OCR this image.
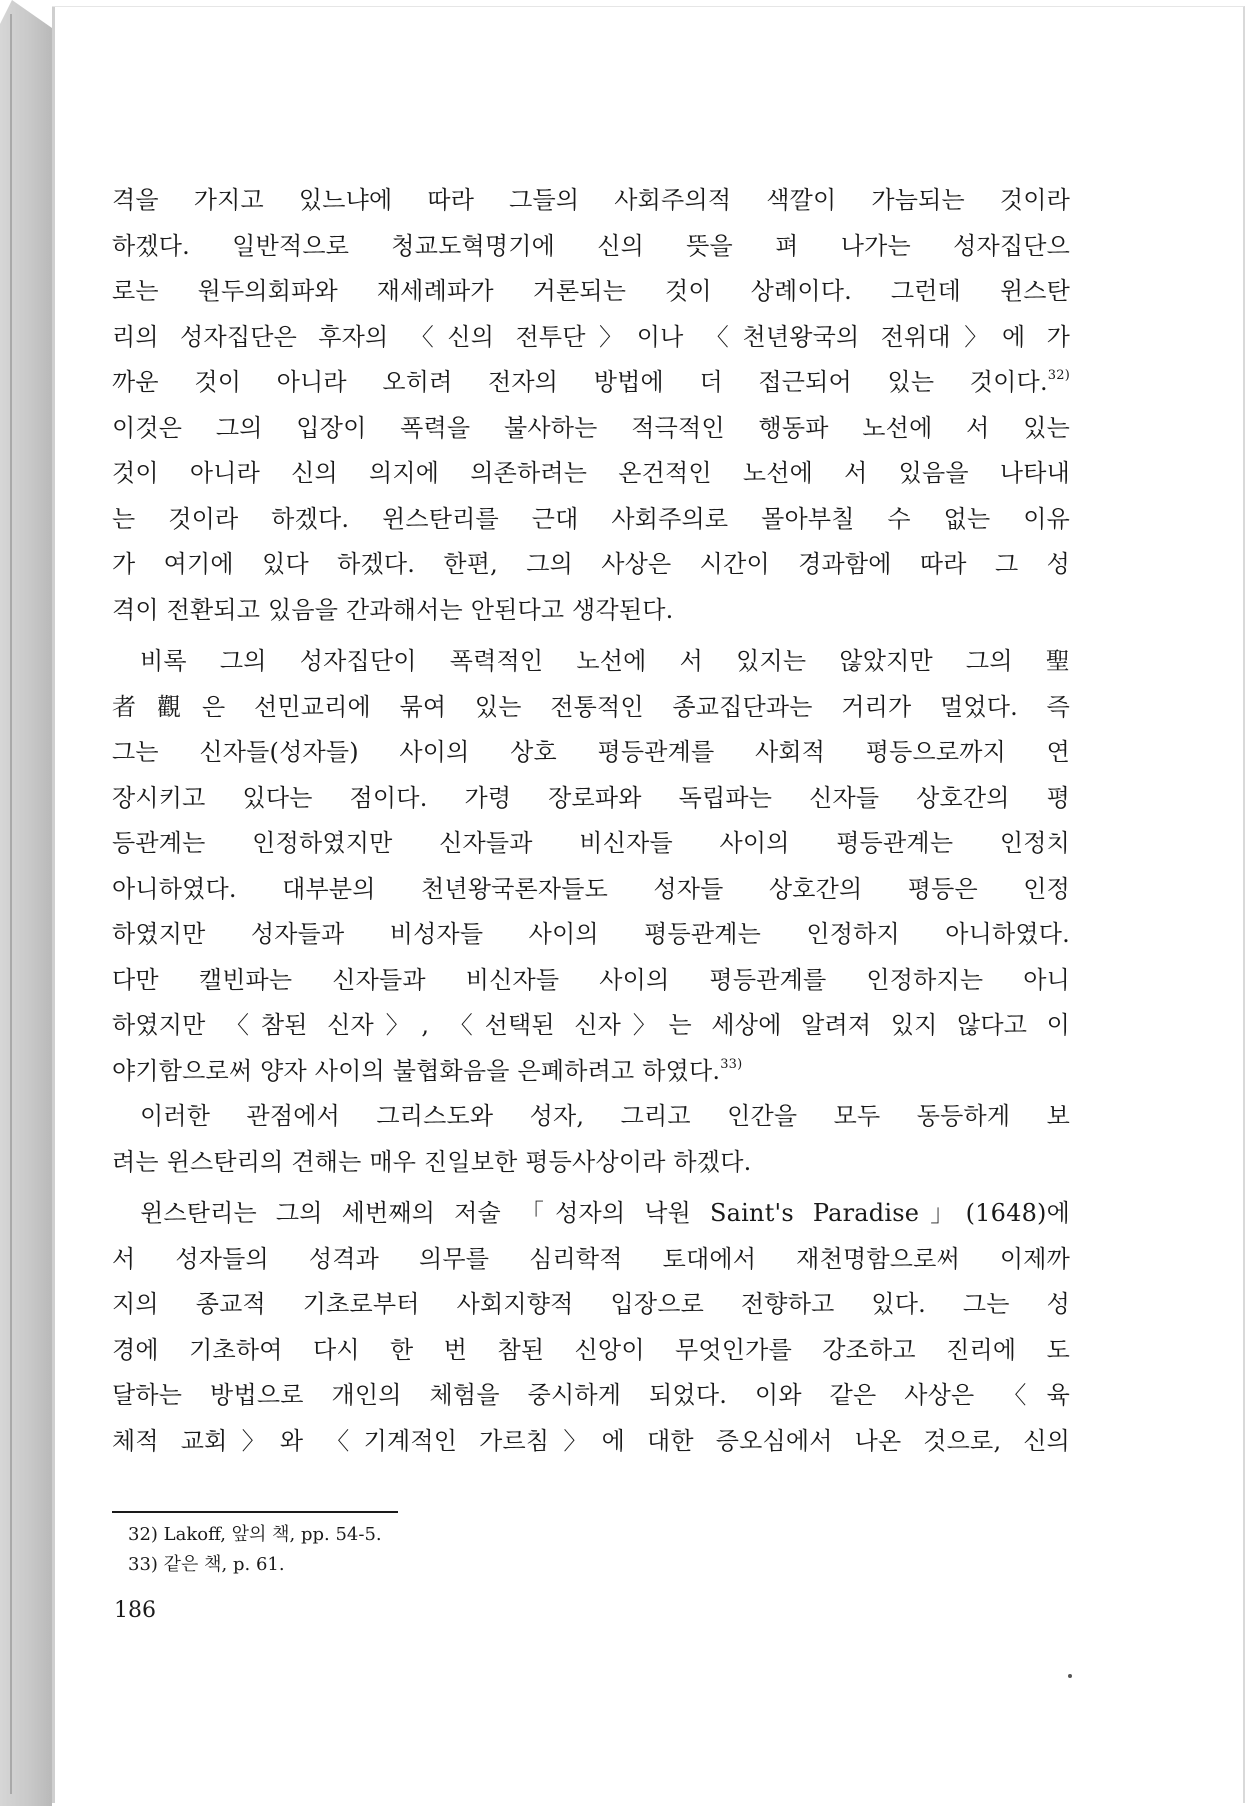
격을 가지고 있느냐에 따라 그들의 사회주의적 색깔이 가늠되는 것이라
하겠다. 일반적으로 청교도혁명기에 신의 뜻을 펴 나가는 성자집단으
로는 원두의회파와 재세례파가 거론되는 것이 상례이다. 그런데 윈스탄
리의 성자집단은 후자의 〈신의 전투단〉이나 〈천년왕국의 전위대〉에 가
까운 것이 아니라 오히려 전자의 방법에 더 접근되어 있는 것이다.$^{32)}$
이것은 그의 입장이 폭력을 불사하는 적극적인 행동파 노선에 서 있는
것이 아니라 신의 의지에 의존하려는 온건적인 노선에 서 있음을 나타내
는 것이라 하겠다. 윈스탄리를 근대 사회주의로 몰아부칠 수 없는 이유
가 여기에 있다 하겠다. 한편, 그의 사상은 시간이 경과함에 따라 그 성
격이 전환되고 있음을 간과해서는 안된다고 생각된다.
비록 그의 성자집단이 폭력적인 노선에 서 있지는 않았지만 그의 聖
者觀은 선민교리에 묶여 있는 전통적인 종교집단과는 거리가 멀었다. 즉
그는 신자들(성자들) 사이의 상호 평등관계를 사회적 평등으로까지 연
장시키고 있다는 점이다. 가령 장로파와 독립파는 신자들 상호간의 평
등관계는 인정하였지만 신자들과 비신자들 사이의 평등관계는 인정치
아니하였다. 대부분의 천년왕국론자들도 성자들 상호간의 평등은 인정
하였지만 성자들과 비성자들 사이의 평등관계는 인정하지 아니하였다.
다만 캘빈파는 신자들과 비신자들 사이의 평등관계를 인정하지는 아니
하였지만 〈참된 신자〉, 〈선택된 신자〉는 세상에 알려져 있지 않다고 이
야기함으로써 양자 사이의 불협화음을 은폐하려고 하였다.$^{33)}$
이러한 관점에서 그리스도와 성자, 그리고 인간을 모두 동등하게 보
려는 윈스탄리의 견해는 매우 진일보한 평등사상이라 하겠다.
윈스탄리는 그의 세번째의 저술 「성자의 낙원 Saint's Paradise」(1648)에
서 성자들의 성격과 의무를 심리학적 토대에서 재천명함으로써 이제까
지의 종교적 기초로부터 사회지향적 입장으로 전향하고 있다. 그는 성
경에 기초하여 다시 한 번 참된 신앙이 무엇인가를 강조하고 진리에 도
달하는 방법으로 개인의 체험을 중시하게 되었다. 이와 같은 사상은 〈육
체적 교회〉와 〈기계적인 가르침〉에 대한 증오심에서 나온 것으로, 신의
32) Lakoff, 앞의 책, pp. 54-5.
33) 같은 책, p. 61.
186
